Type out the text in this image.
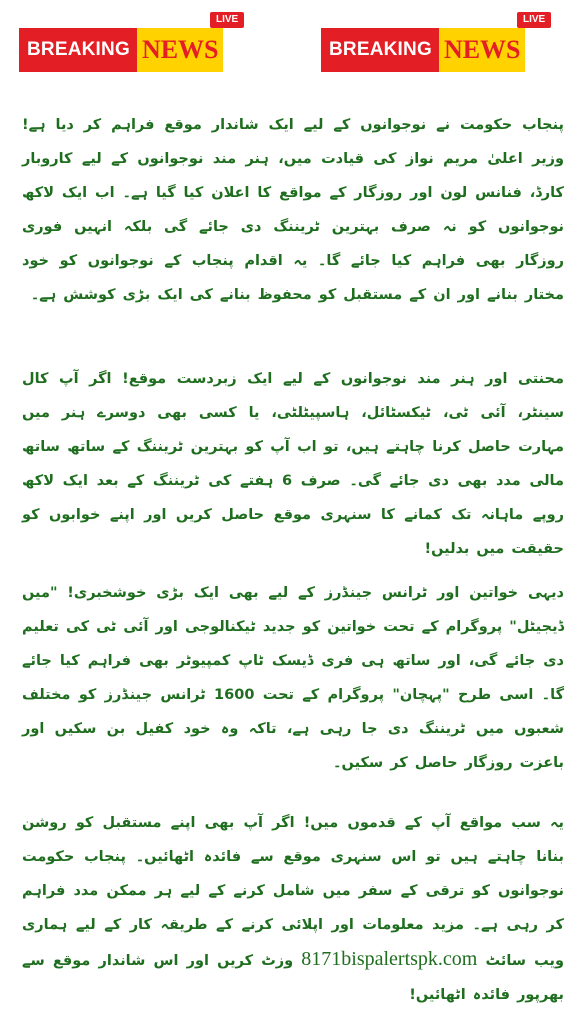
BREAKING NEWS
LIVE
BREAKING NEWS
LIVE

پنجاب حکومت نے نوجوانوں کے لیے ایک شاندار موقع فراہم کر دیا ہے! وزیر اعلیٰ مریم نواز کی قیادت میں، ہنر مند نوجوانوں کے لیے کاروبار کارڈ، فنانس لون اور روزگار کے مواقع کا اعلان کیا گیا ہے۔ اب ایک لاکھ نوجوانوں کو نہ صرف بہترین ٹریننگ دی جائے گی بلکہ انہیں فوری روزگار بھی فراہم کیا جائے گا۔ یہ اقدام پنجاب کے نوجوانوں کو خود مختار بنانے اور ان کے مستقبل کو محفوظ بنانے کی ایک بڑی کوشش ہے۔

محنتی اور ہنر مند نوجوانوں کے لیے ایک زبردست موقع! اگر آپ کال سینٹر، آئی ٹی، ٹیکسٹائل، ہاسپیٹلٹی، یا کسی بھی دوسرے ہنر میں مہارت حاصل کرنا چاہتے ہیں، تو اب آپ کو بہترین ٹریننگ کے ساتھ ساتھ مالی مدد بھی دی جائے گی۔ صرف 6 ہفتے کی ٹریننگ کے بعد ایک لاکھ روپے ماہانہ تک کمانے کا سنہری موقع حاصل کریں اور اپنے خوابوں کو حقیقت میں بدلیں!

دیہی خواتین اور ٹرانس جینڈرز کے لیے بھی ایک بڑی خوشخبری! "میں ڈیجیٹل" پروگرام کے تحت خواتین کو جدید ٹیکنالوجی اور آئی ٹی کی تعلیم دی جائے گی، اور ساتھ ہی فری ڈیسک ٹاپ کمپیوٹر بھی فراہم کیا جائے گا۔ اسی طرح "پہچان" پروگرام کے تحت 1600 ٹرانس جینڈرز کو مختلف شعبوں میں ٹریننگ دی جا رہی ہے، تاکہ وہ خود کفیل بن سکیں اور باعزت روزگار حاصل کر سکیں۔

یہ سب مواقع آپ کے قدموں میں! اگر آپ بھی اپنے مستقبل کو روشن بنانا چاہتے ہیں تو اس سنہری موقع سے فائدہ اٹھائیں۔ پنجاب حکومت نوجوانوں کو ترقی کے سفر میں شامل کرنے کے لیے ہر ممکن مدد فراہم کر رہی ہے۔ مزید معلومات اور اپلائی کرنے کے طریقہ کار کے لیے ہماری ویب سائٹ 8171bispalertspk.com وزٹ کریں اور اس شاندار موقع سے بھرپور فائدہ اٹھائیں!
